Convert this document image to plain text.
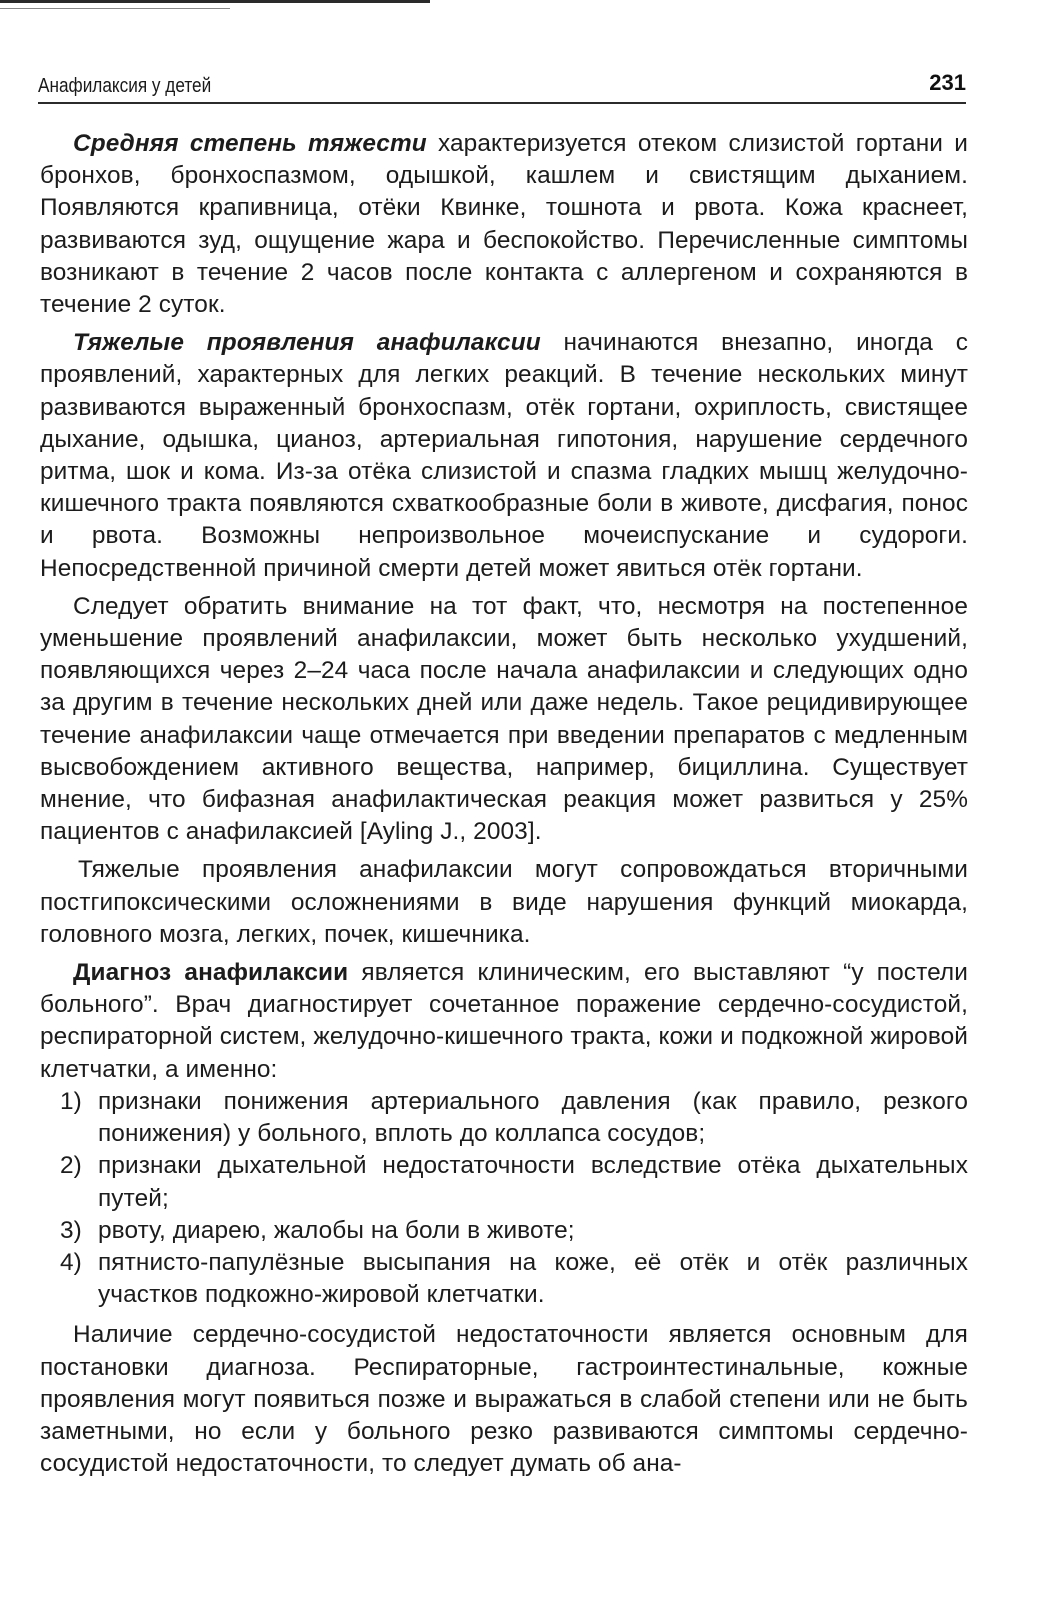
Анафилаксия у детей	231

Средняя степень тяжести характеризуется отеком слизистой гортани и бронхов, бронхоспазмом, одышкой, кашлем и свистящим дыханием. Появляются крапивница, отёки Квинке, тошнота и рвота. Кожа краснеет, развиваются зуд, ощущение жара и беспокойство. Перечисленные симптомы возникают в течение 2 часов после контакта с аллергеном и сохраняются в течение 2 суток.

Тяжелые проявления анафилаксии начинаются внезапно, иногда с проявлений, характерных для легких реакций. В течение нескольких минут развиваются выраженный бронхоспазм, отёк гортани, охриплость, свистящее дыхание, одышка, цианоз, артериальная гипотония, нарушение сердечного ритма, шок и кома. Из-за отёка слизистой и спазма гладких мышц желудочно-кишечного тракта появляются схваткообразные боли в животе, дисфагия, понос и рвота. Возможны непроизвольное мочеиспускание и судороги. Непосредственной причиной смерти детей может явиться отёк гортани.

Следует обратить внимание на тот факт, что, несмотря на постепенное уменьшение проявлений анафилаксии, может быть несколько ухудшений, появляющихся через 2–24 часа после начала анафилаксии и следующих одно за другим в течение нескольких дней или даже недель. Такое рецидивирующее течение анафилаксии чаще отмечается при введении препаратов с медленным высвобождением активного вещества, например, бициллина. Существует мнение, что бифазная анафилактическая реакция может развиться у 25% пациентов с анафилаксией [Ayling J., 2003].

Тяжелые проявления анафилаксии могут сопровождаться вторичными постгипоксическими осложнениями в виде нарушения функций миокарда, головного мозга, легких, почек, кишечника.

Диагноз анафилаксии является клиническим, его выставляют “у постели больного”. Врач диагностирует сочетанное поражение сердечно-сосудистой, респираторной систем, желудочно-кишечного тракта, кожи и подкожной жировой клетчатки, а именно:

1) признаки понижения артериального давления (как правило, резкого понижения) у больного, вплоть до коллапса сосудов;
2) признаки дыхательной недостаточности вследствие отёка дыхательных путей;
3) рвоту, диарею, жалобы на боли в животе;
4) пятнисто-папулёзные высыпания на коже, её отёк и отёк различных участков подкожно-жировой клетчатки.

Наличие сердечно-сосудистой недостаточности является основным для постановки диагноза. Респираторные, гастроинтестинальные, кожные проявления могут появиться позже и выражаться в слабой степени или не быть заметными, но если у больного резко развиваются симптомы сердечно-сосудистой недостаточности, то следует думать об ана-
